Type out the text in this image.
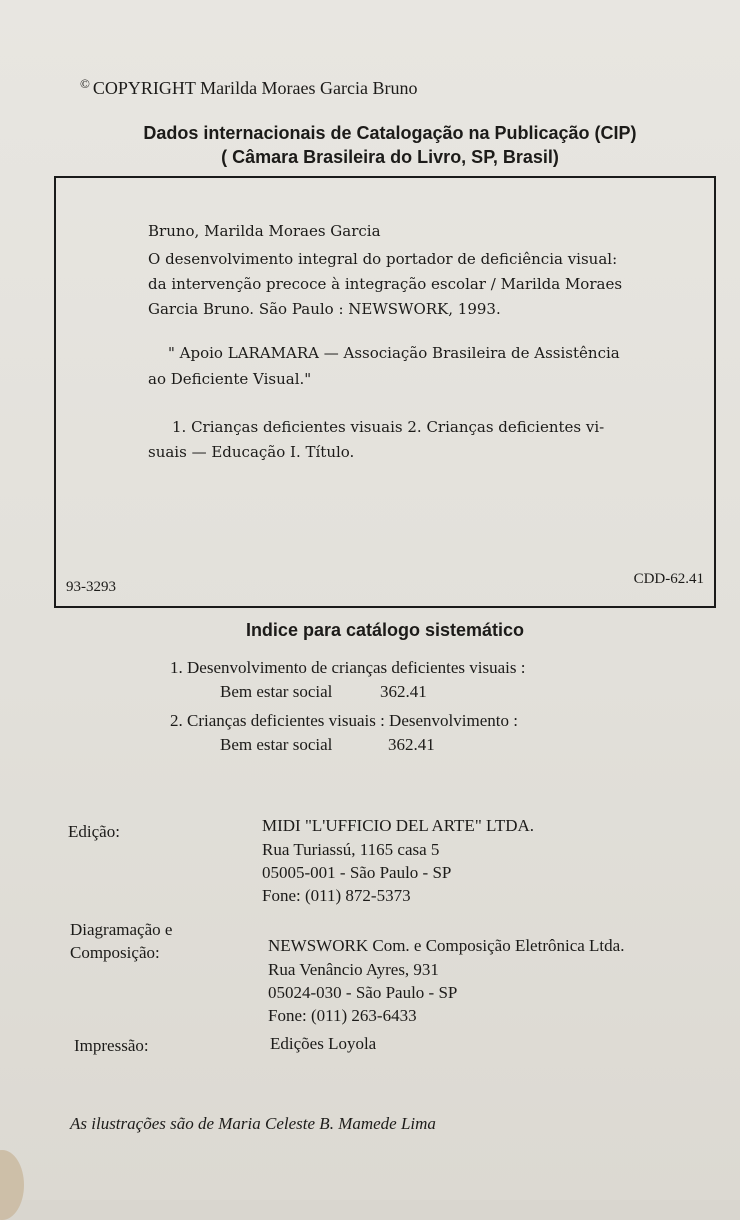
© COPYRIGHT Marilda Moraes Garcia Bruno
Dados internacionais de Catalogação na Publicação (CIP)
( Câmara Brasileira do Livro, SP, Brasil)
Bruno, Marilda Moraes Garcia
O desenvolvimento integral do portador de deficiência visual:
da intervenção precoce à integração escolar / Marilda Moraes
Garcia Bruno. São Paulo : NEWSWORK, 1993.
" Apoio LARAMARA — Associação Brasileira de Assistência
ao Deficiente Visual."
1. Crianças deficientes visuais 2. Crianças deficientes vi-
suais — Educação I. Título.
93-3293	CDD-62.41
Indice para catálogo sistemático
1. Desenvolvimento de crianças deficientes visuais :
Bem estar social	362.41
2. Crianças deficientes visuais : Desenvolvimento :
Bem estar social	362.41
Edição:	MIDI "L'UFFICIO DEL ARTE" LTDA.
Rua Turiassú, 1165 casa 5
05005-001 - São Paulo - SP
Fone: (011) 872-5373
Diagramação e
Composição:	NEWSWORK Com. e Composição Eletrônica Ltda.
Rua Venâncio Ayres, 931
05024-030 - São Paulo - SP
Fone: (011) 263-6433
Impressão:	Edições Loyola
As ilustrações são de Maria Celeste B. Mamede Lima
